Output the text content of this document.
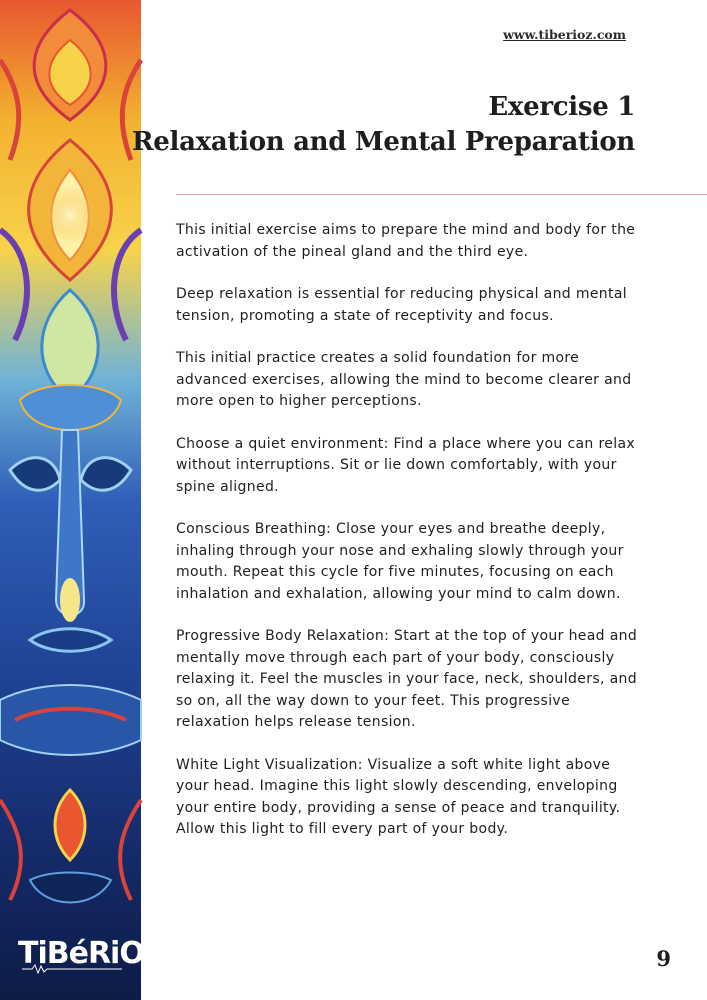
TiBéRiOZ
www.tiberioz.com
Exercise 1
Relaxation and Mental Preparation

This initial exercise aims to prepare the mind and body for the activation of the pineal gland and the third eye.

Deep relaxation is essential for reducing physical and mental tension, promoting a state of receptivity and focus.

This initial practice creates a solid foundation for more advanced exercises, allowing the mind to become clearer and more open to higher perceptions.

Choose a quiet environment: Find a place where you can relax without interruptions. Sit or lie down comfortably, with your spine aligned.

Conscious Breathing: Close your eyes and breathe deeply, inhaling through your nose and exhaling slowly through your mouth. Repeat this cycle for five minutes, focusing on each inhalation and exhalation, allowing your mind to calm down.

Progressive Body Relaxation: Start at the top of your head and mentally move through each part of your body, consciously relaxing it. Feel the muscles in your face, neck, shoulders, and so on, all the way down to your feet. This progressive relaxation helps release tension.

White Light Visualization: Visualize a soft white light above your head. Imagine this light slowly descending, enveloping your entire body, providing a sense of peace and tranquility. Allow this light to fill every part of your body.

9
